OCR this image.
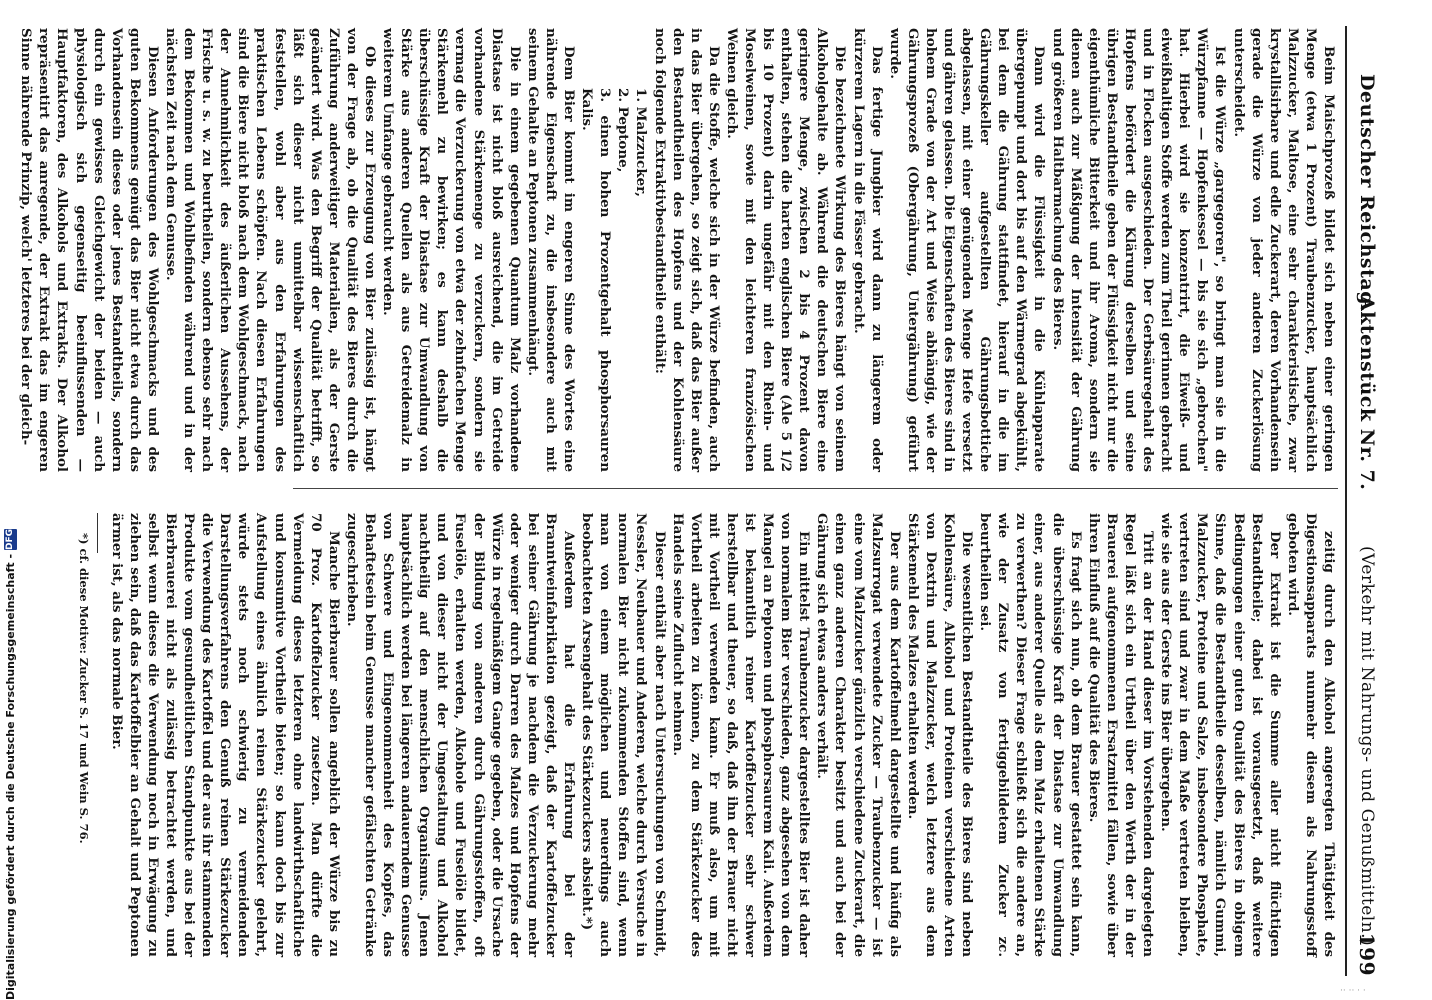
Digitalisierung gefördert durch die Deutsche Forschungsgemeinschaft -
DFG
Deutscher Reichstag.
Aktenstück Nr. 7.
(Verkehr mit Nahrungs- und Genußmitteln.)
199

Beim Maischprozeß bildet sich neben einer geringen Menge (etwa 1 Prozent) Traubenzucker, hauptsächlich Malzzucker, Maltose, eine sehr charakteristische, zwar krystallisirbare und edle Zuckerart, deren Vorhandensein gerade die Würze von jeder anderen Zuckerlösung unterscheidet.

Ist die Würze „gargegoren", so bringt man sie in die Würzpfanne — Hopfenkessel — bis sie sich „gebrochen" hat. Hierbei wird sie konzentrirt, die Eiweiß- und eiweißhaltigen Stoffe werden zum Theil gerinnen gebracht und in Flocken ausgeschieden. Der Gerbsäuregehalt des Hopfens befördert die Klärung derselben und seine übrigen Bestandtheile geben der Flüssigkeit nicht nur die eigenthümliche Bitterkeit und ihr Aroma, sondern sie dienen auch zur Mäßigung der Intensität der Gährung und größeren Haltbarmachung des Bieres.

Dann wird die Flüssigkeit in die Kühlapparate übergepumpt und dort bis auf den Wärmegrad abgekühlt, bei dem die Gährung stattfindet, hierauf in die im Gährungskeller aufgestellten Gährungsbottiche abgelassen, mit einer genügenden Menge Hefe versetzt und gähren gelassen. Die Eigenschaften des Bieres sind in hohem Grade von der Art und Weise abhängig, wie der Gährungsprozeß (Obergährung, Untergährung) geführt wurde.

Das fertige Jungbier wird dann zu längerem oder kürzerem Lagern in die Fässer gebracht.

Die bezeichnete Wirkung des Bieres hängt von seinem Alkoholgehalte ab. Während die deutschen Biere eine geringere Menge, zwischen 2 bis 4 Prozent davon enthalten, stehen die harten englischen Biere (Ale 5 1/2 bis 10 Prozent) darin ungefähr mit den Rhein- und Moselweinen, sowie mit den leichteren französischen Weinen gleich.

Da die Stoffe, welche sich in der Würze befinden, auch in das Bier übergehen, so zeigt sich, daß das Bier außer den Bestandtheilen des Hopfens und der Kohlensäure noch folgende Extraktivbestandtheile enthält:

1. Malzzucker,

2. Peptone,

3. einen hohen Prozentgehalt phosphorsauren Kalis.

Dem Bier kommt im engeren Sinne des Wortes eine nährende Eigenschaft zu, die insbesondere auch mit seinem Gehalte an Peptonen zusammenhängt.

Die in einem gegebenen Quantum Malz vorhandene Diastase ist nicht bloß ausreichend, die im Getreide vorhandene Stärkemenge zu verzuckern, sondern sie vermag die Verzuckerung von etwa der zehnfachen Menge Stärkemehl zu bewirken; es kann deshalb die überschüssige Kraft der Diastase zur Umwandlung von Stärke aus anderen Quellen als aus Getreidemalz in weiterem Umfange gebraucht werden.

Ob dieses zur Erzeugung von Bier zulässig ist, hängt von der Frage ab, ob die Qualität des Bieres durch die Zuführung anderweitiger Materialien, als der Gerste geändert wird. Was den Begriff der Qualität betrifft, so läßt sich dieser nicht unmittelbar wissenschaftlich feststellen, wohl aber aus den Erfahrungen des praktischen Lebens schöpfen. Nach diesen Erfahrungen sind die Biere nicht bloß nach dem Wohlgeschmack, nach der Annehmlichkeit des äußerlichen Aussehens, der Frische u. s. w. zu beurtheilen, sondern ebenso sehr nach dem Bekommen und Wohlbefinden während und in der nächsten Zeit nach dem Genusse.

Diesen Anforderungen des Wohlgeschmacks und des guten Bekommens genügt das Bier nicht etwa durch das Vorhandensein dieses oder jenes Bestandtheils, sondern durch ein gewisses Gleichgewicht der beiden — auch physiologisch sich gegenseitig beeinflussenden — Hauptfaktoren, des Alkohols und Extrakts. Der Alkohol repräsentirt das anregende, der Extrakt das im engeren Sinne nährende Prinzip, welch' letzteres bei der gleich-

zeitig durch den Alkohol angeregten Thätigkeit des Digestionsapparats nunmehr diesem als Nahrungsstoff geboten wird.

Der Extrakt ist die Summe aller nicht flüchtigen Bestandtheile; dabei ist vorausgesetzt, daß weitere Bedingungen einer guten Qualität des Bieres in obigem Sinne, daß die Bestandtheile desselben, nämlich Gummi, Malzzucker, Proteine und Salze, insbesondere Phosphate, vertreten sind und zwar in dem Maße vertreten bleiben, wie sie aus der Gerste ins Bier übergehen.

Tritt an der Hand dieser im Vorstehenden dargelegten Regel läßt sich ein Urtheil über den Werth der in der Brauerei aufgenommenen Ersatzmittel fällen, sowie über ihren Einfluß auf die Qualität des Bieres.

Es fragt sich nun, ob dem Brauer gestattet sein kann, die überschüssige Kraft der Diastase zur Umwandlung einer, aus anderer Quelle als dem Malz erhaltenen Stärke zu verwerthen? Dieser Frage schließt sich die andere an, wie der Zusatz von fertiggebildetem Zucker zc. beurtheilen sei.

Die wesentlichen Bestandtheile des Bieres sind neben Kohlensäure, Alkohol und Proteinen verschiedene Arten von Dextrin und Malzzucker, welch letztere aus dem Stärkemehl des Malzes erhalten werden.

Der aus dem Kartoffelmehl dargestellte und häufig als Malzsurrogat verwendete Zucker — Traubenzucker — ist eine vom Malzzucker gänzlich verschiedene Zuckerart, die einen ganz anderen Charakter besitzt und auch bei der Gährung sich etwas anders verhält.

Ein mittelst Traubenzucker dargestelltes Bier ist daher von normalem Bier verschieden, ganz abgesehen von dem Mangel an Peptonen und phosphorsaurem Kali. Außerdem ist bekanntlich reiner Kartoffelzucker sehr schwer herstellbar und theuer, so daß, daß ihn der Brauer nicht mit Vortheil verwenden kann. Er muß also, um mit Vortheil arbeiten zu können, zu dem Stärkezucker des Handels seine Zuflucht nehmen.

Dieser enthält aber nach Untersuchungen von Schmidt, Nessler, Neubauer und Anderen, welche durch Versuche in normalen Bier nicht zukommenden Stoffen sind, wenn man von einem möglichen und neuerdings auch beobachteten Arsengehalt des Stärkezuckers absieht.*)

Außerdem hat die Erfahrung bei der Branntweinfabrikation gezeigt, daß der Kartoffelzucker bei seiner Gährung je nachdem die Verzuckerung mehr oder weniger durch Darren des Malzes und Hopfens der Würze in regelmäßigem Gange gegeben, oder die Ursache der Bildung von anderen durch Gährungsstoffen, oft Fuselöle, erhalten werden, Alkohole und Fuselöle bildet, und von dieser nicht der Umgestaltung und Alkohol nachtheilig auf den menschlichen Organismus. Jenen hauptsächlich werden bei längeren andauerndem Genusse von Schwere und Eingenommenheit des Kopfes, das Behaftetsein beim Genusse mancher gefälschten Getränke zugeschrieben.

Manche Bierbrauer sollen angeblich der Würze bis zu 70 Proz. Kartoffelzucker zusetzen. Man dürfte die Vermeidung dieses letzteren ohne landwirthschaftliche und konsumtive Vortheile bieten; so kann doch bis zur Aufstellung eines ähnlich reinen Stärkezucker gelehrt, würde stets noch schwierig zu vermeidenden Darstellungsverfahrens den Genuß reinen Stärkezucker die Verwendung des Kartoffel und der aus ihr stammenden Produkte vom gesundheitlichen Standpunkte aus bei der Bierbrauerei nicht als zulässig betrachtet werden, und selbst wenn dieses die Verwendung noch in Erwägung zu ziehen sein, daß das Kartoffelbier an Gehalt und Peptonen ärmer ist, als das normale Bier.

*) cf. diese Motive: Zucker S. 17 und Wein S. 76.

·· ·· · ·
